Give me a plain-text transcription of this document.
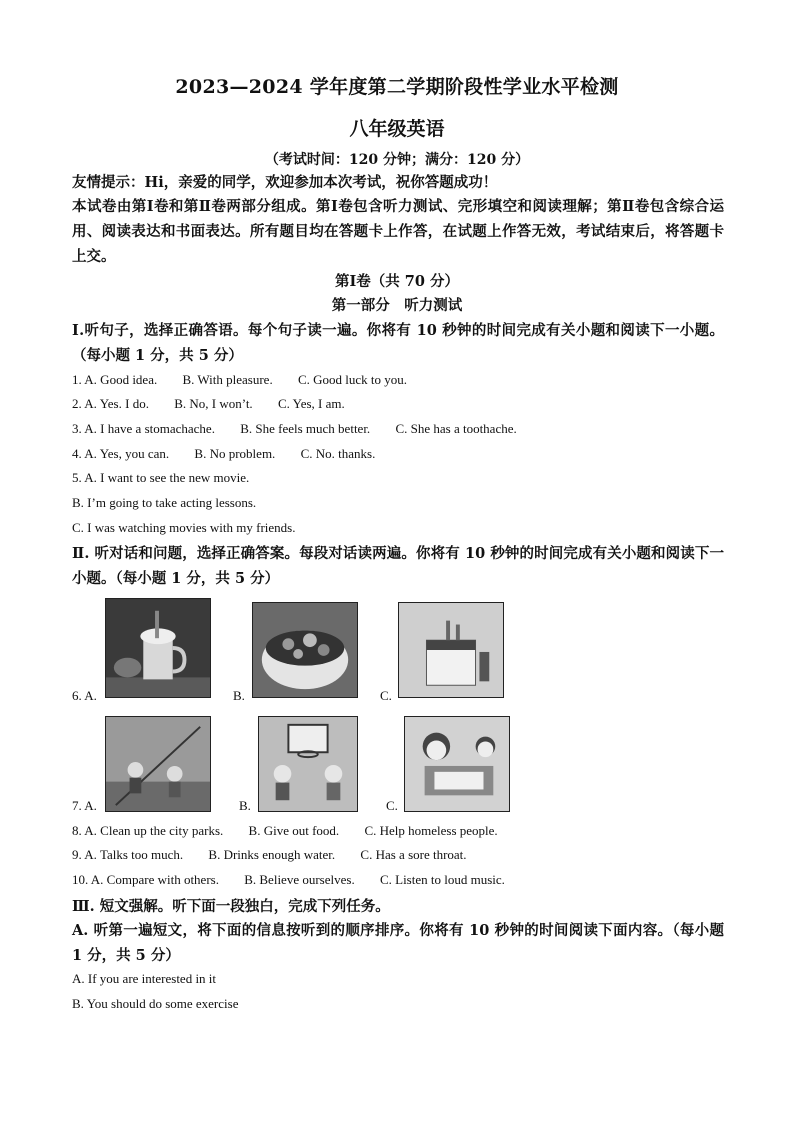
2023—2024 学年度第二学期阶段性学业水平检测
八年级英语
（考试时间：120 分钟；满分：120 分）
友情提示：Hi，亲爱的同学，欢迎参加本次考试，祝你答题成功！
本试卷由第Ⅰ卷和第Ⅱ卷两部分组成。第Ⅰ卷包含听力测试、完形填空和阅读理解；第Ⅱ卷包含综合运用、阅读表达和书面表达。所有题目均在答题卡上作答，在试题上作答无效，考试结束后，将答题卡上交。
第Ⅰ卷（共 70 分）
第一部分　听力测试
Ⅰ.听句子，选择正确答语。每个句子读一遍。你将有 10 秒钟的时间完成有关小题和阅读下一小题。（每小题 1 分，共 5 分）
1. A. Good idea. B. With pleasure. C. Good luck to you.
2. A. Yes. I do. B. No, I won’t. C. Yes, I am.
3. A. I have a stomachache. B. She feels much better. C. She has a toothache.
4. A. Yes, you can. B. No problem. C. No. thanks.
5. A. I want to see the new movie.
B. I’m going to take acting lessons.
C. I was watching movies with my friends.
Ⅱ. 听对话和问题，选择正确答案。每段对话读两遍。你将有 10 秒钟的时间完成有关小题和阅读下一小题。（每小题 1 分，共 5 分）
6. A.	B.	C.
7. A.	B.	C.
8. A. Clean up the city parks. B. Give out food. C. Help homeless people.
9. A. Talks too much. B. Drinks enough water. C. Has a sore throat.
10. A. Compare with others. B. Believe ourselves. C. Listen to loud music.
Ⅲ. 短文强解。听下面一段独白，完成下列任务。
A. 听第一遍短文，将下面的信息按听到的顺序排序。你将有 10 秒钟的时间阅读下面内容。（每小题 1 分，共 5 分）
A. If you are interested in it
B. You should do some exercise
